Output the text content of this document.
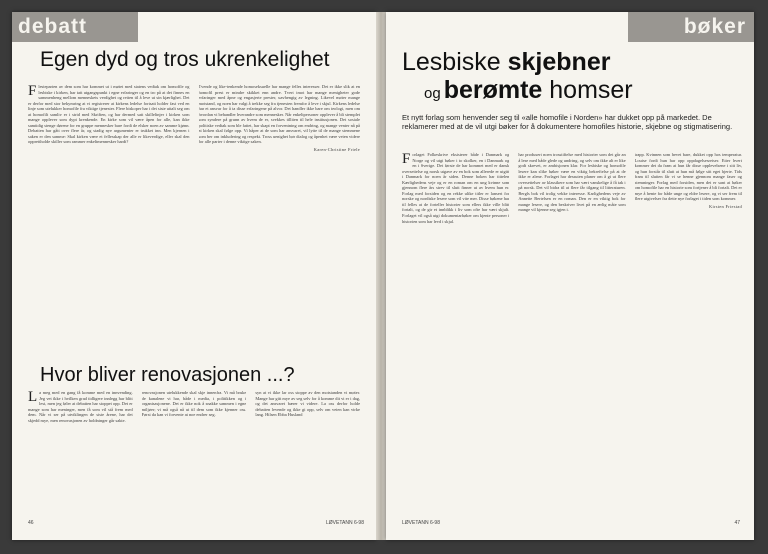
debatt
Egen dyd og tros ukrenkelighet

Flesteparten av dem som har kommet ut i møtet med statens vedtak om homofile og lesbiske i kirken, har tatt utgangspunkt i egne erfaringer og en tro på at det finnes en sammenheng mellom menneskets verdighet og retten til å leve ut sin kjærlighet. Det er derfor med stor bekymring at vi registrerer at kirkens ledelse fortsatt holder fast ved en linje som utelukker homofile fra viktige tjenester. Flere biskoper har i det siste uttalt seg om at homofilt samliv er i strid med Skriften, og har dermed satt skillelinjer i kirken som mange opplever som dypt krenkende. En kirke som vil være åpen for alle, kan ikke samtidig stenge dørene for en gruppe mennesker bare fordi de elsker noen av samme kjønn. Debatten har gått over flere år, og stadig nye argumenter er trukket inn. Men kjernen i saken er den samme: Skal kirken være et fellesskap der alle er likeverdige, eller skal den opprettholde skiller som rammer enkeltmennesker hardt?

Tvende og like-tenkende homoseksuelle har mange felles interesser. Det er ikke slik at en homofil prest er mindre skikket enn andre. Tvert imot har mange menigheter gode erfaringer med åpne og engasjerte prester, uavhengig av legning. Likevel møter mange motstand, og noen har valgt å trekke seg fra tjenesten fremfor å leve i skjul. Kirkens ledelse har et ansvar for å ta disse erfaringene på alvor. Det handler ikke bare om teologi, men om hvordan vi behandler hverandre som mennesker. Når enkeltpersoner opplever å bli stemplet som syndere på grunn av hvem de er, svekkes tilliten til hele institusjonen. Det sosiale politiske vedtak som ble fattet, har skapt en forventning om endring, og mange venter nå på at kirken skal følge opp. Vi håper at de som har ansvaret, vil lytte til de mange stemmene som ber om inkludering og respekt. Tross uenighet bør dialog og åpenhet være veien videre for alle parter i denne viktige saken.

Karen-Christine Friele
Hvor bliver renovasjonen ...?

La meg med en gang få komme med en innvending. Jeg vet ikke i hvilken grad tidligere innlegg har blitt lest, men jeg føler at debatten har stoppet opp. Det er mange som har meninger, men få som vil stå frem med dem. Når vi ser på utviklingen de siste årene, har det skjedd mye, men renovasjonen av holdninger går sakte.

renovasjonen utelukkende skal skje innenfra. Vi må bruke de kanalene vi har, både i media, i politikken og i organisasjonene. Det er ikke nok å snakke sammen i egne miljøer; vi må også nå ut til dem som ikke kjenner oss. Først da kan vi forvente at noe endrer seg.

syn at vi ikke lar oss stoppe av den motstanden vi møter. Mange har gitt mye av seg selv for å komme dit vi er i dag, og det ansvaret bærer vi videre. La oss derfor holde debatten levende og ikke gi opp, selv om veien kan virke lang. Hilsen Ebba Husland

46	LØVETANN 6-98
bøker
Lesbiske skjebner
og berømte homser
Et nytt forlag som henvender seg til «alle homofile i Norden» har dukket opp på markedet. De reklamerer med at de vil utgi bøker for å dokumentere homofiles historie, skjebne og stigmatisering.

Forlaget Folkeskrive eksisterer både i Danmark og Norge og vil utgi bøker i to skolker, en i Danmark og en i Sverige. Det første de har kommet med er dansk oversettelse og norsk utgave av en bok som allerede er utgitt i Danmark for noen år siden. Denne boken har tittelen Kærlighedens veje og er en roman om en ung kvinne som gjennom flere års strev til slutt finner ut av hvem hun er. Forlag med forsiden og en rekke ulike titler er lansert for norske og nordiske lesere som vil vite mer. Disse bøkene har til felles at de forteller historier som ellers ikke ville blitt fortalt, og de gir et innblikk i liv som ofte har vært skjult. Forlaget vil også utgi dokumentarbøker om kjente personer i historien som har levd i skjul.

har produsert noen trosstiftelse med historier som det går an å lese med både glede og undring, og selv om ikke alt er like godt skrevet, er ambisjonen klar. For lesbiske og homofile lesere kan slike bøker være en viktig bekreftelse på at de ikke er alene. Forlaget har dessuten planer om å gi ut flere oversettelser av klassikere som har vært vanskelige å få tak i på norsk. Det vil bidra til at flere får tilgang til litteraturen. Bergls bok vil trolig vekke interesse. Karlighedens veje av Annette Bertelsen er en roman. Den er en viktig bok for mange lesere, og den beskriver livet på en ærlig måte som mange vil kjenne seg igjen i.

trapp. Kvinnen som hevet bare, dukket opp hos temperatur. Louise fordi hun har opp oppdagelsesreiser. Etter hvert kommer det da fram at hun får disse opplevelsene i sitt liv, og hun forstår til slutt at hun må følge sitt eget hjerte. Tids fram til slutten får vi se henne gjennom mange faser og stemninger. Forlag med forsiden, men det er sant at bøker om homofile har en historie som fortjener å bli fortalt. Det er mye å hente for både unge og eldre lesere, og vi ser frem til flere utgivelser fra dette nye forlaget i tiden som kommer.

Kirsten Friestad
LØVETANN 6-98	47
